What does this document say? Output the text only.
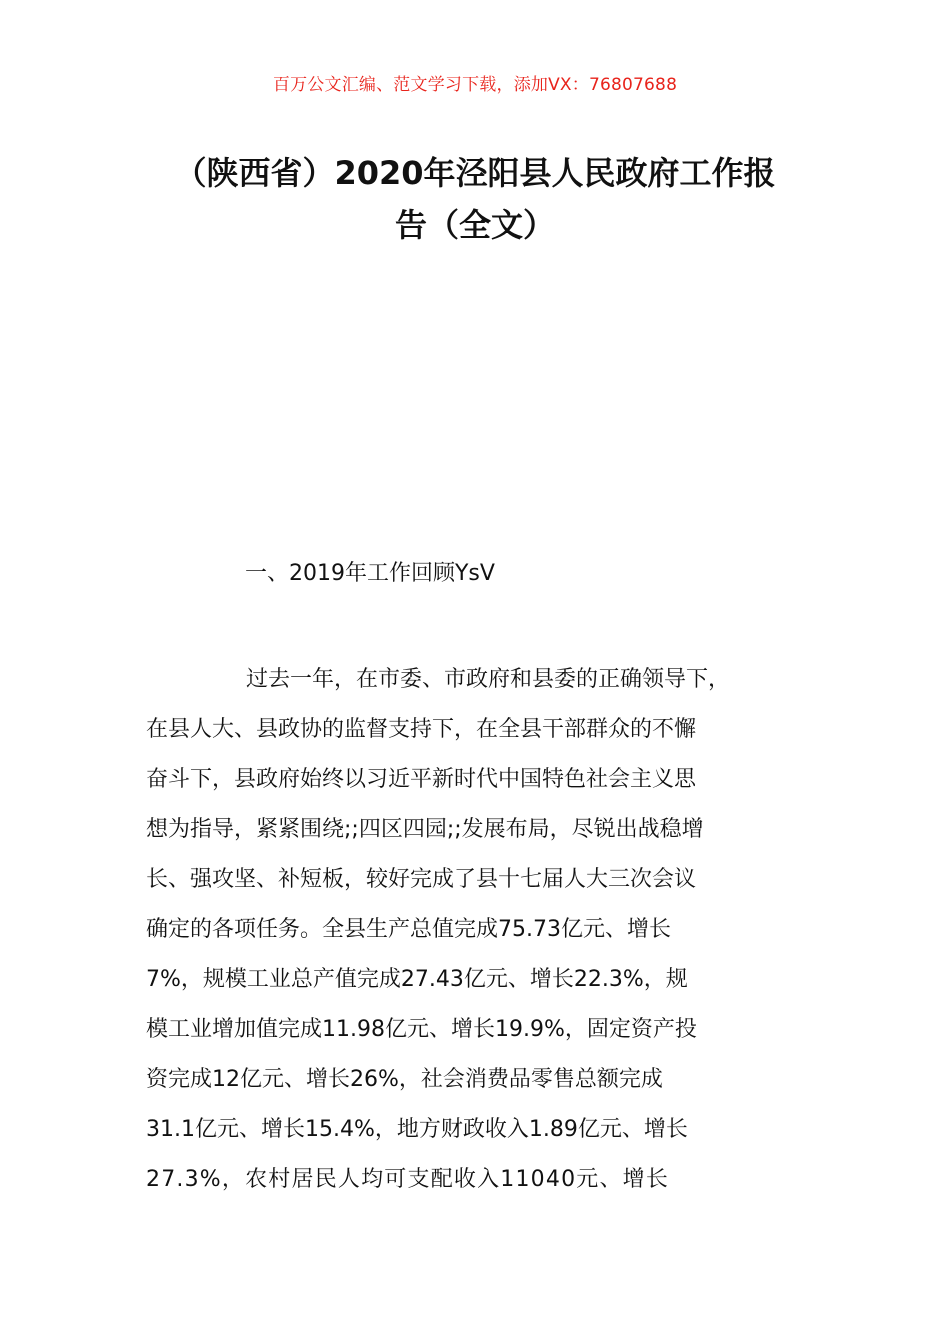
百万公文汇编、范文学习下载，添加VX：76807688
（陕西省）2020年泾阳县人民政府工作报
告（全文）
一、2019年工作回顾YsV

过去一年，在市委、市政府和县委的正确领导下，
在县人大、县政协的监督支持下，在全县干部群众的不懈
奋斗下，县政府始终以习近平新时代中国特色社会主义思
想为指导，紧紧围绕;;四区四园;;发展布局，尽锐出战稳增
长、强攻坚、补短板，较好完成了县十七届人大三次会议
确定的各项任务。全县生产总值完成75.73亿元、增长
7%，规模工业总产值完成27.43亿元、增长22.3%，规
模工业增加值完成11.98亿元、增长19.9%，固定资产投
资完成12亿元、增长26%，社会消费品零售总额完成
31.1亿元、增长15.4%，地方财政收入1.89亿元、增长
27.3%，农村居民人均可支配收入11040元、增长
